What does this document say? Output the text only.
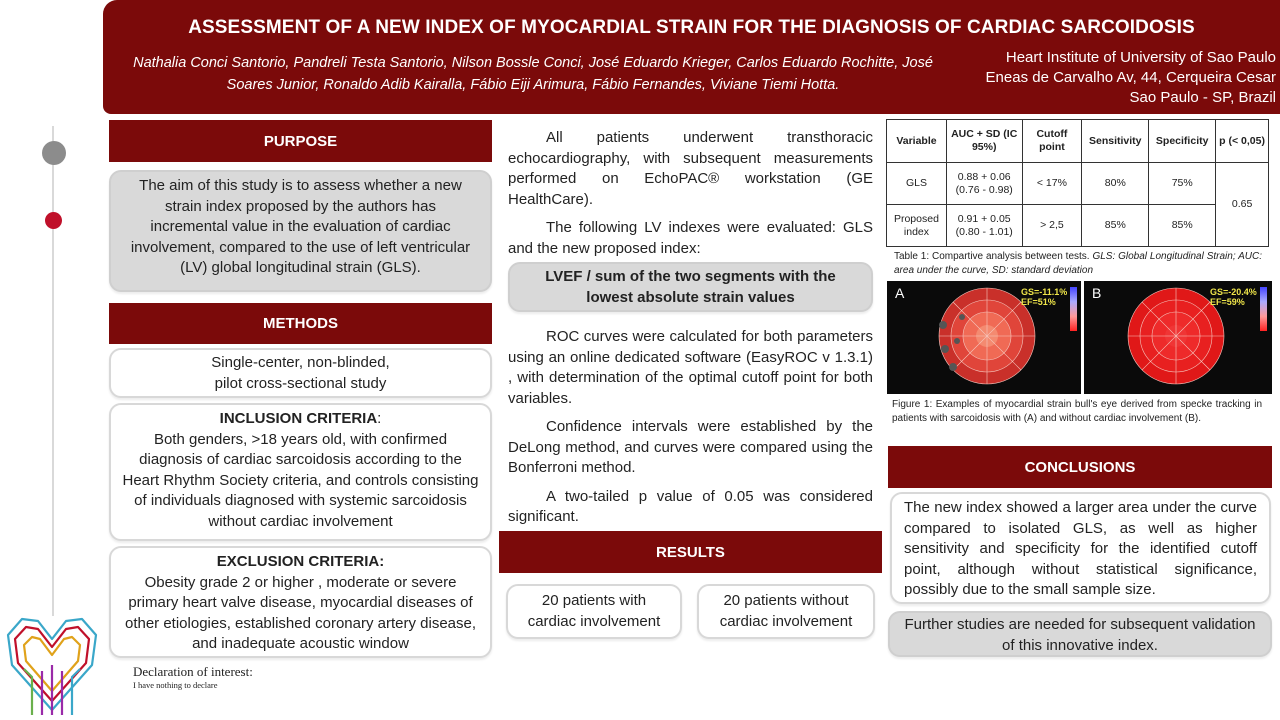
ASSESSMENT OF A NEW INDEX OF MYOCARDIAL STRAIN FOR THE DIAGNOSIS OF CARDIAC SARCOIDOSIS
Nathalia Conci Santorio, Pandreli Testa Santorio, Nilson Bossle Conci, José Eduardo Krieger, Carlos Eduardo Rochitte, José Soares Junior, Ronaldo Adib Kairalla, Fábio Eiji Arimura, Fábio Fernandes, Viviane Tiemi Hotta.
Heart Institute of University of Sao Paulo
Eneas de Carvalho Av, 44, Cerqueira Cesar
Sao Paulo - SP, Brazil
PURPOSE
The aim of this study is to assess whether a new strain index proposed by the authors has incremental value in the evaluation of cardiac involvement, compared to the use of left ventricular (LV) global longitudinal strain (GLS).
METHODS
Single-center, non-blinded,
pilot cross-sectional study
INCLUSION CRITERIA:
Both genders, >18 years old, with confirmed diagnosis of cardiac sarcoidosis according to the Heart Rhythm Society criteria, and controls consisting of individuals diagnosed with systemic sarcoidosis without cardiac involvement
EXCLUSION CRITERIA:
Obesity grade 2 or higher , moderate or severe primary heart valve disease, myocardial diseases of other etiologies, established coronary artery disease, and inadequate acoustic window
Declaration of interest:
I have nothing to declare

All patients underwent transthoracic echocardiography, with subsequent measurements performed on EchoPAC® workstation (GE HealthCare).

The following LV indexes were evaluated: GLS and the new proposed index:

LVEF / sum of the two segments with the lowest absolute strain values

ROC curves were calculated for both parameters using an online dedicated software (EasyROC v 1.3.1) , with determination of the optimal cutoff point for both variables.

Confidence intervals were established by the DeLong method, and curves were compared using the Bonferroni method.

A two-tailed p value of 0.05 was considered significant.

RESULTS
20 patients with cardiac involvement
20 patients without cardiac involvement
Variable	AUC + SD (IC 95%)	Cutoff point	Sensitivity	Specificity	p (< 0,05)
GLS	0.88 + 0.06
(0.76 - 0.98)	< 17%	80%	75%	0.65
Proposed index	0.91 + 0.05
(0.80 - 1.01)	> 2,5	85%	85%	
Table 1: Compartive analysis between tests. GLS: Global Longitudinal Strain; AUC: area under the curve, SD: standard deviation
A	GS=-11.1%
EF=51%
B	GS=-20.4%
EF=59%
Figure 1: Examples of myocardial strain bull's eye derived from specke tracking in patients with sarcoidosis with (A) and without cardiac involvement (B).
CONCLUSIONS
The new index showed a larger area under the curve compared to isolated GLS, as well as higher sensitivity and specificity for the identified cutoff point, although without statistical significance, possibly due to the small sample size.
Further studies are needed for subsequent validation of this innovative index.
